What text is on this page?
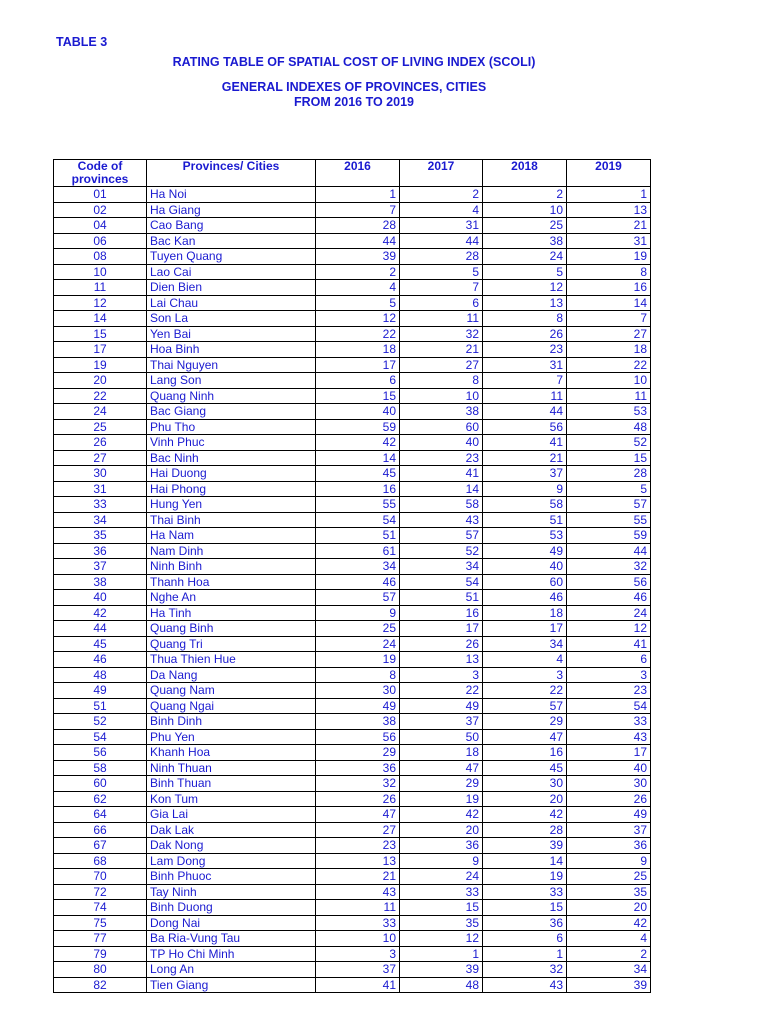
TABLE 3
RATING TABLE OF SPATIAL COST OF LIVING INDEX (SCOLI)
GENERAL INDEXES OF PROVINCES, CITIES
FROM 2016 TO 2019
Code of provinces	Provinces/ Cities	2016	2017	2018	2019
01	Ha Noi	1	2	2	1
02	Ha Giang	7	4	10	13
04	Cao Bang	28	31	25	21
06	Bac Kan	44	44	38	31
08	Tuyen Quang	39	28	24	19
10	Lao Cai	2	5	5	8
11	Dien Bien	4	7	12	16
12	Lai Chau	5	6	13	14
14	Son La	12	11	8	7
15	Yen Bai	22	32	26	27
17	Hoa Binh	18	21	23	18
19	Thai Nguyen	17	27	31	22
20	Lang Son	6	8	7	10
22	Quang Ninh	15	10	11	11
24	Bac Giang	40	38	44	53
25	Phu Tho	59	60	56	48
26	Vinh Phuc	42	40	41	52
27	Bac Ninh	14	23	21	15
30	Hai Duong	45	41	37	28
31	Hai Phong	16	14	9	5
33	Hung Yen	55	58	58	57
34	Thai Binh	54	43	51	55
35	Ha Nam	51	57	53	59
36	Nam Dinh	61	52	49	44
37	Ninh Binh	34	34	40	32
38	Thanh Hoa	46	54	60	56
40	Nghe An	57	51	46	46
42	Ha Tinh	9	16	18	24
44	Quang Binh	25	17	17	12
45	Quang Tri	24	26	34	41
46	Thua Thien Hue	19	13	4	6
48	Da Nang	8	3	3	3
49	Quang Nam	30	22	22	23
51	Quang Ngai	49	49	57	54
52	Binh Dinh	38	37	29	33
54	Phu Yen	56	50	47	43
56	Khanh Hoa	29	18	16	17
58	Ninh Thuan	36	47	45	40
60	Binh Thuan	32	29	30	30
62	Kon Tum	26	19	20	26
64	Gia Lai	47	42	42	49
66	Dak Lak	27	20	28	37
67	Dak Nong	23	36	39	36
68	Lam Dong	13	9	14	9
70	Binh Phuoc	21	24	19	25
72	Tay Ninh	43	33	33	35
74	Binh Duong	11	15	15	20
75	Dong Nai	33	35	36	42
77	Ba Ria-Vung Tau	10	12	6	4
79	TP Ho Chi Minh	3	1	1	2
80	Long An	37	39	32	34
82	Tien Giang	41	48	43	39
